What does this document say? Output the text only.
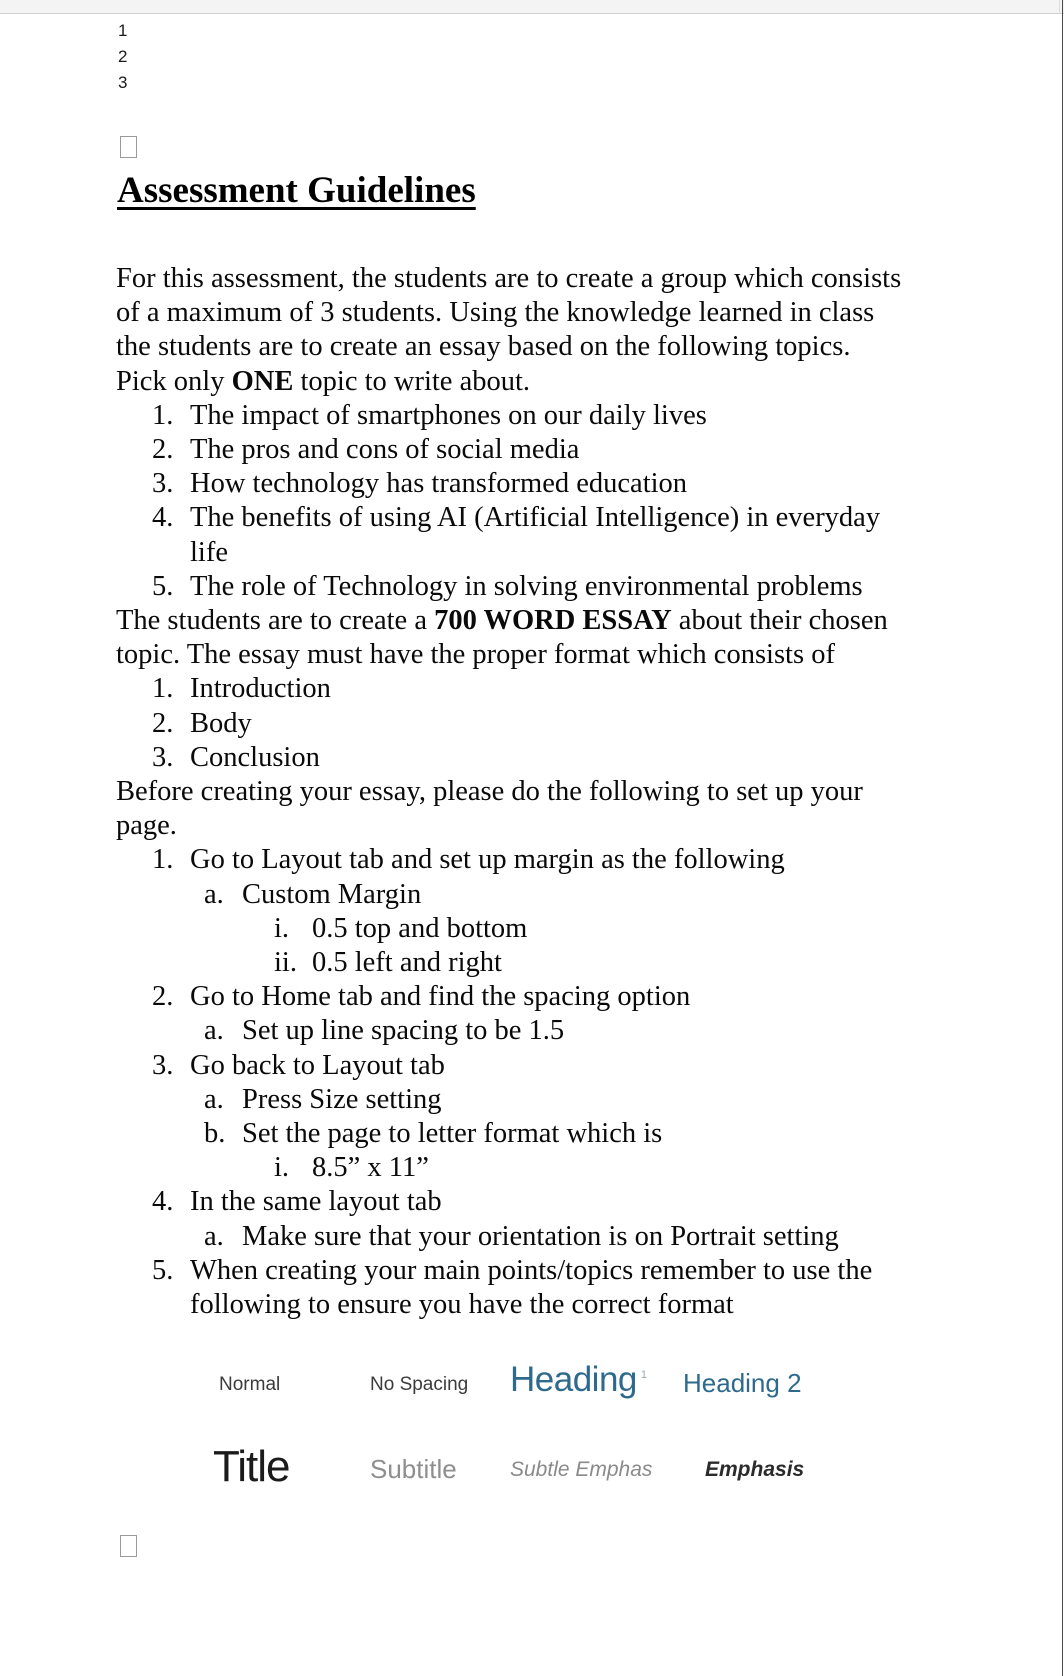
1
2
3
Assessment Guidelines

For this assessment, the students are to create a group which consists of a maximum of 3 students. Using the knowledge learned in class the students are to create an essay based on the following topics. Pick only ONE topic to write about.

1. The impact of smartphones on our daily lives
2. The pros and cons of social media
3. How technology has transformed education
4. The benefits of using AI (Artificial Intelligence) in everyday life
5. The role of Technology in solving environmental problems

The students are to create a 700 WORD ESSAY about their chosen topic. The essay must have the proper format which consists of

1. Introduction
2. Body
3. Conclusion

Before creating your essay, please do the following to set up your page.

1. Go to Layout tab and set up margin as the following
a. Custom Margin
i. 0.5 top and bottom
ii. 0.5 left and right
2. Go to Home tab and find the spacing option
a. Set up line spacing to be 1.5
3. Go back to Layout tab
a. Press Size setting
b. Set the page to letter format which is
i. 8.5” x 11”
4. In the same layout tab
a. Make sure that your orientation is on Portrait setting
5. When creating your main points/topics remember to use the following to ensure you have the correct format
Normal	No Spacing Heading $^1$ Heading 2
Title	Subtitle	Subtle Emphas	Emphasis
